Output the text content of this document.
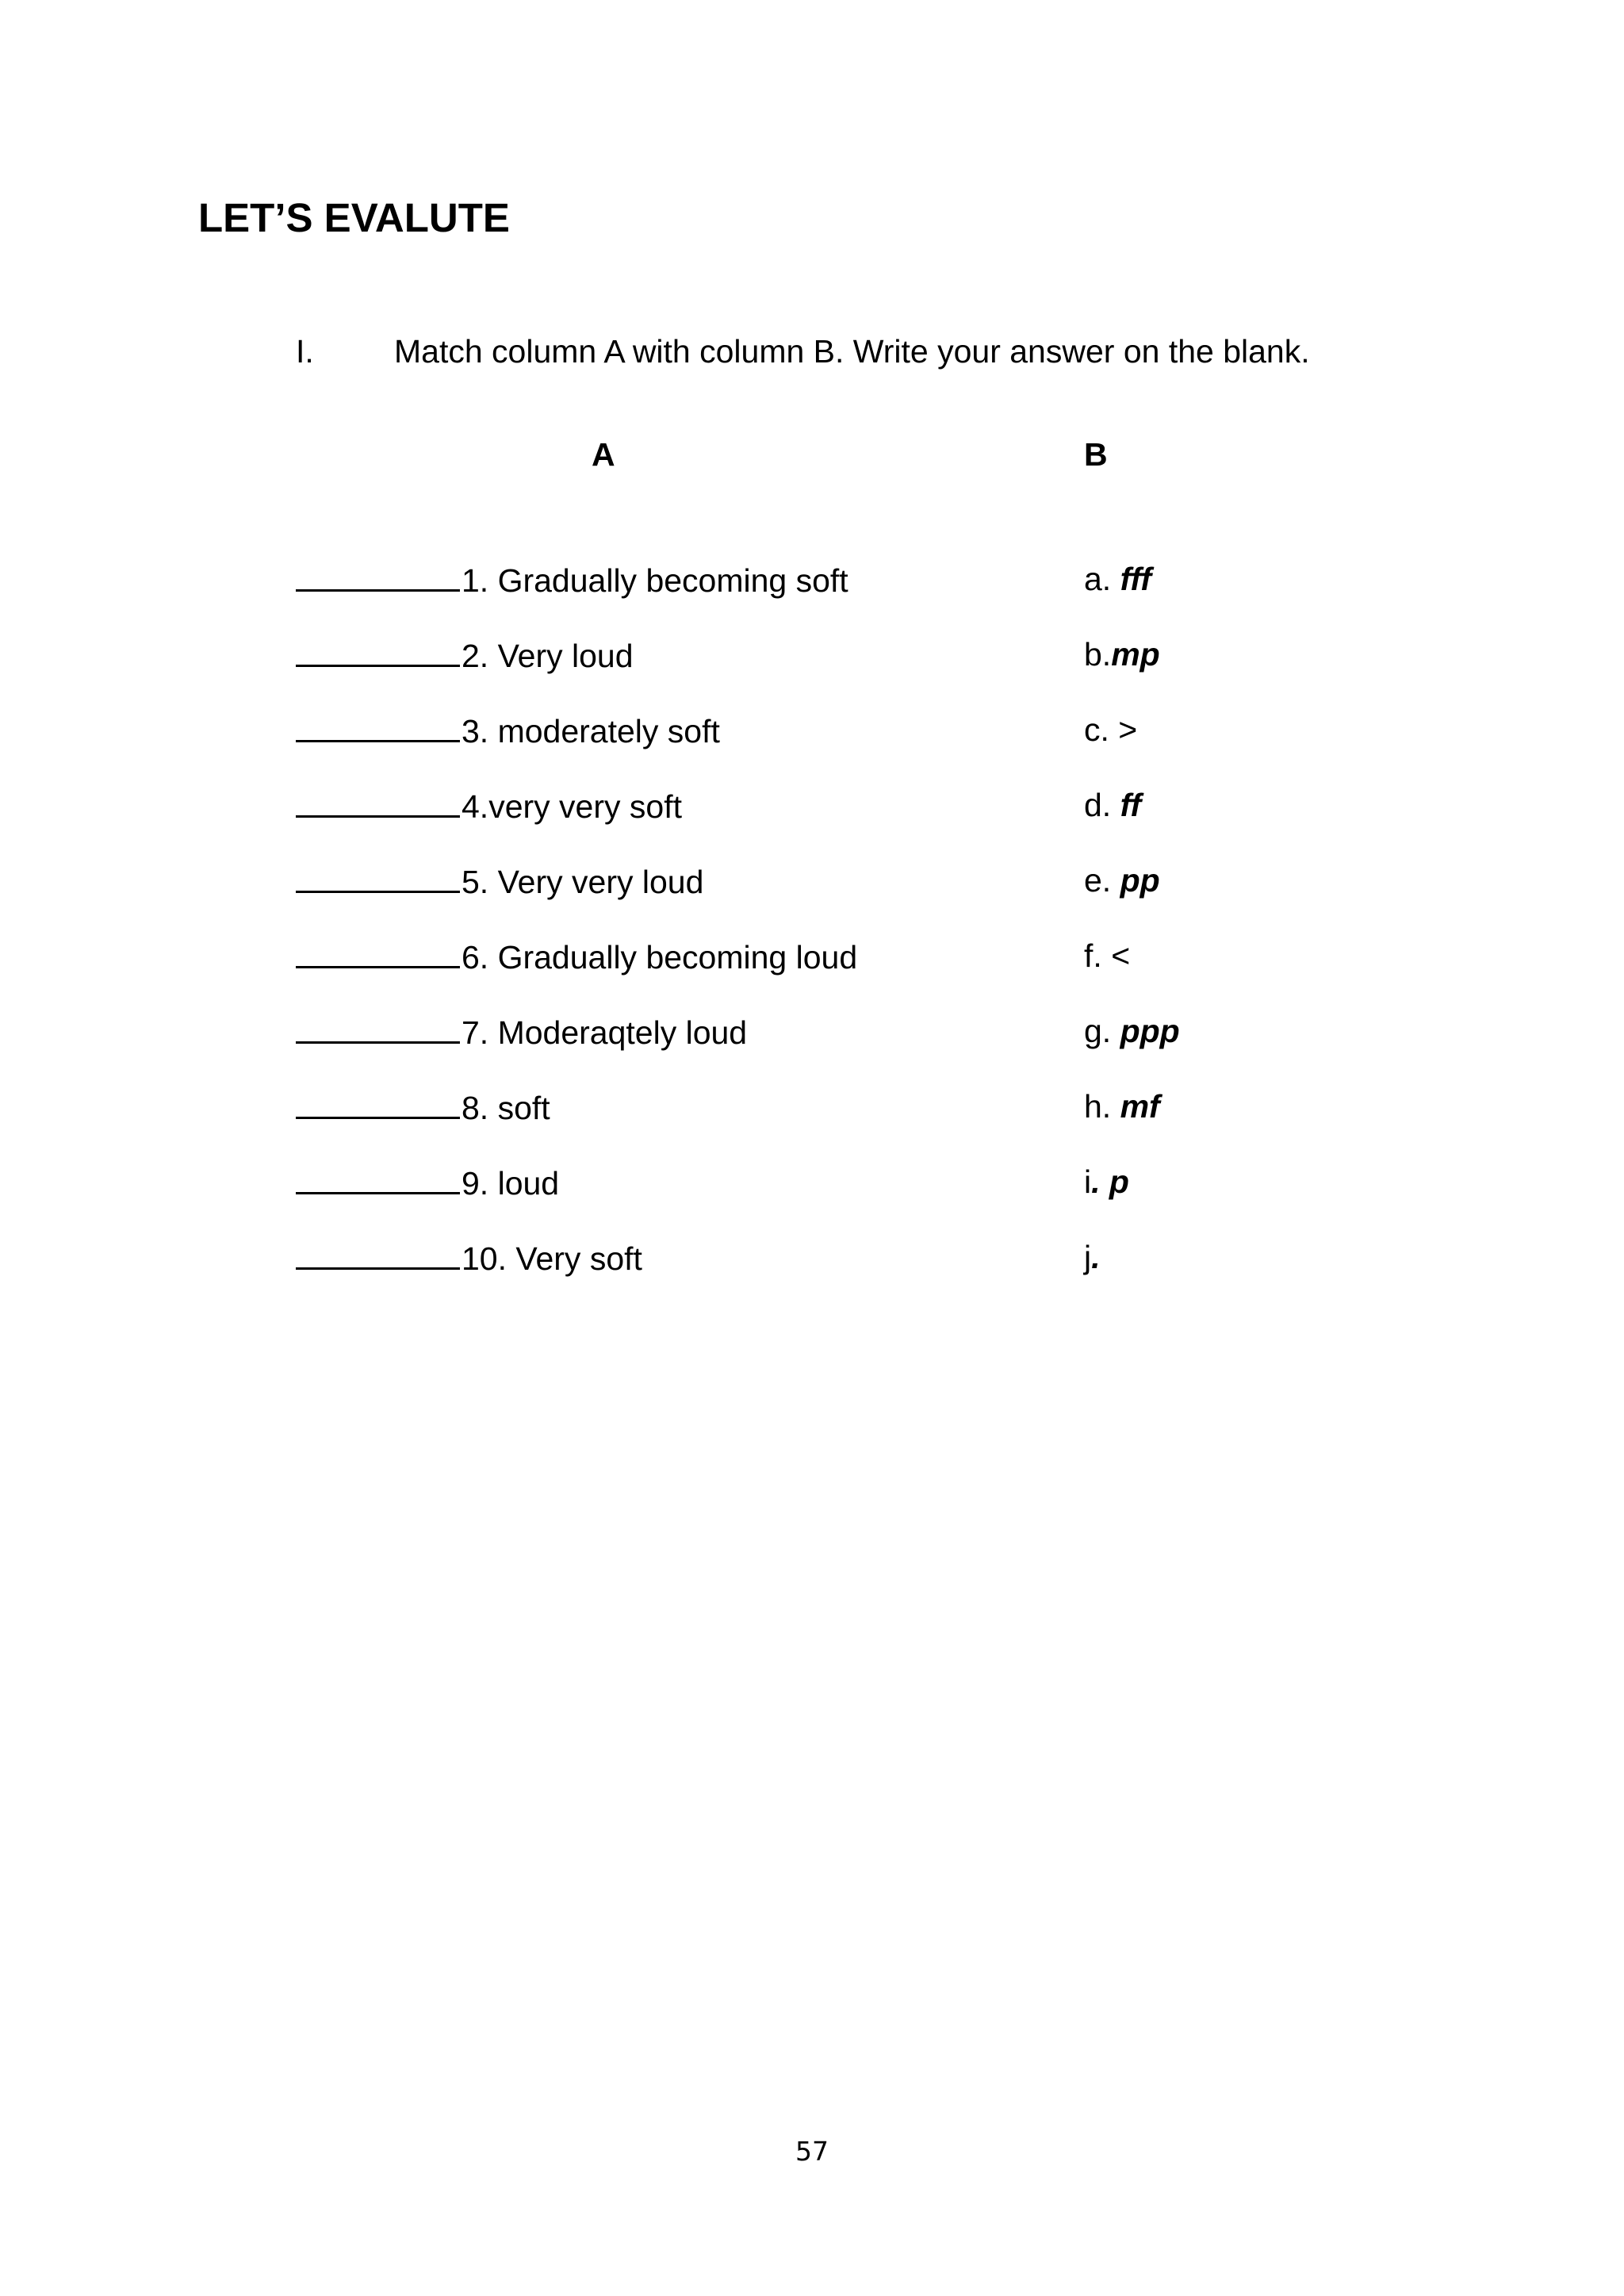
LET’S EVALUTE
I. Match column A with column B. Write your answer on the blank.
A	B
1. Gradually becoming soft	a. fff
2. Very loud	b.mp
3. moderately soft	c. >
4.very very soft	d. ff
5. Very very loud	e. pp
6. Gradually becoming loud	f. <
7. Moderaqtely loud	g. ppp
8. soft	h. mf
9. loud	i. p
10. Very soft	j.
57
